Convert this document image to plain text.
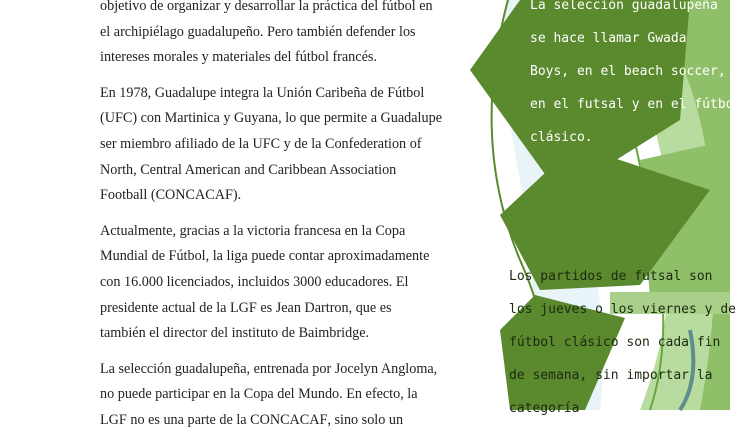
objetivo de organizar y desarrollar la práctica del fútbol en
el archipiélago guadalupeño. Pero también defender los
intereses morales y materiales del fútbol francés.

En 1978, Guadalupe integra la Unión Caribeña de Fútbol
(UFC) con Martinica y Guyana, lo que permite a Guadalupe
ser miembro afiliado de la UFC y de la Confederation of
North, Central American and Caribbean Association
Football (CONCACAF).

Actualmente, gracias a la victoria francesa en la Copa
Mundial de Fútbol, la liga puede contar aproximadamente
con 16.000 licenciados, incluidos 3000 educadores. El
presidente actual de la LGF es Jean Dartron, que es
también el director del instituto de Baimbridge.

La selección guadalupeña, entrenada por Jocelyn Angloma,
no puede participar en la Copa del Mundo. En efecto, la
LGF no es una parte de la CONCACAF, sino solo un

La selección guadalupeña
se hace llamar Gwada
Boys, en el beach soccer,
en el futsal y en el fútbol
clásico.
Los partidos de futsal son
los jueves o los viernes y de
fútbol clásico son cada fin
de semana, sin importar la
categoría
